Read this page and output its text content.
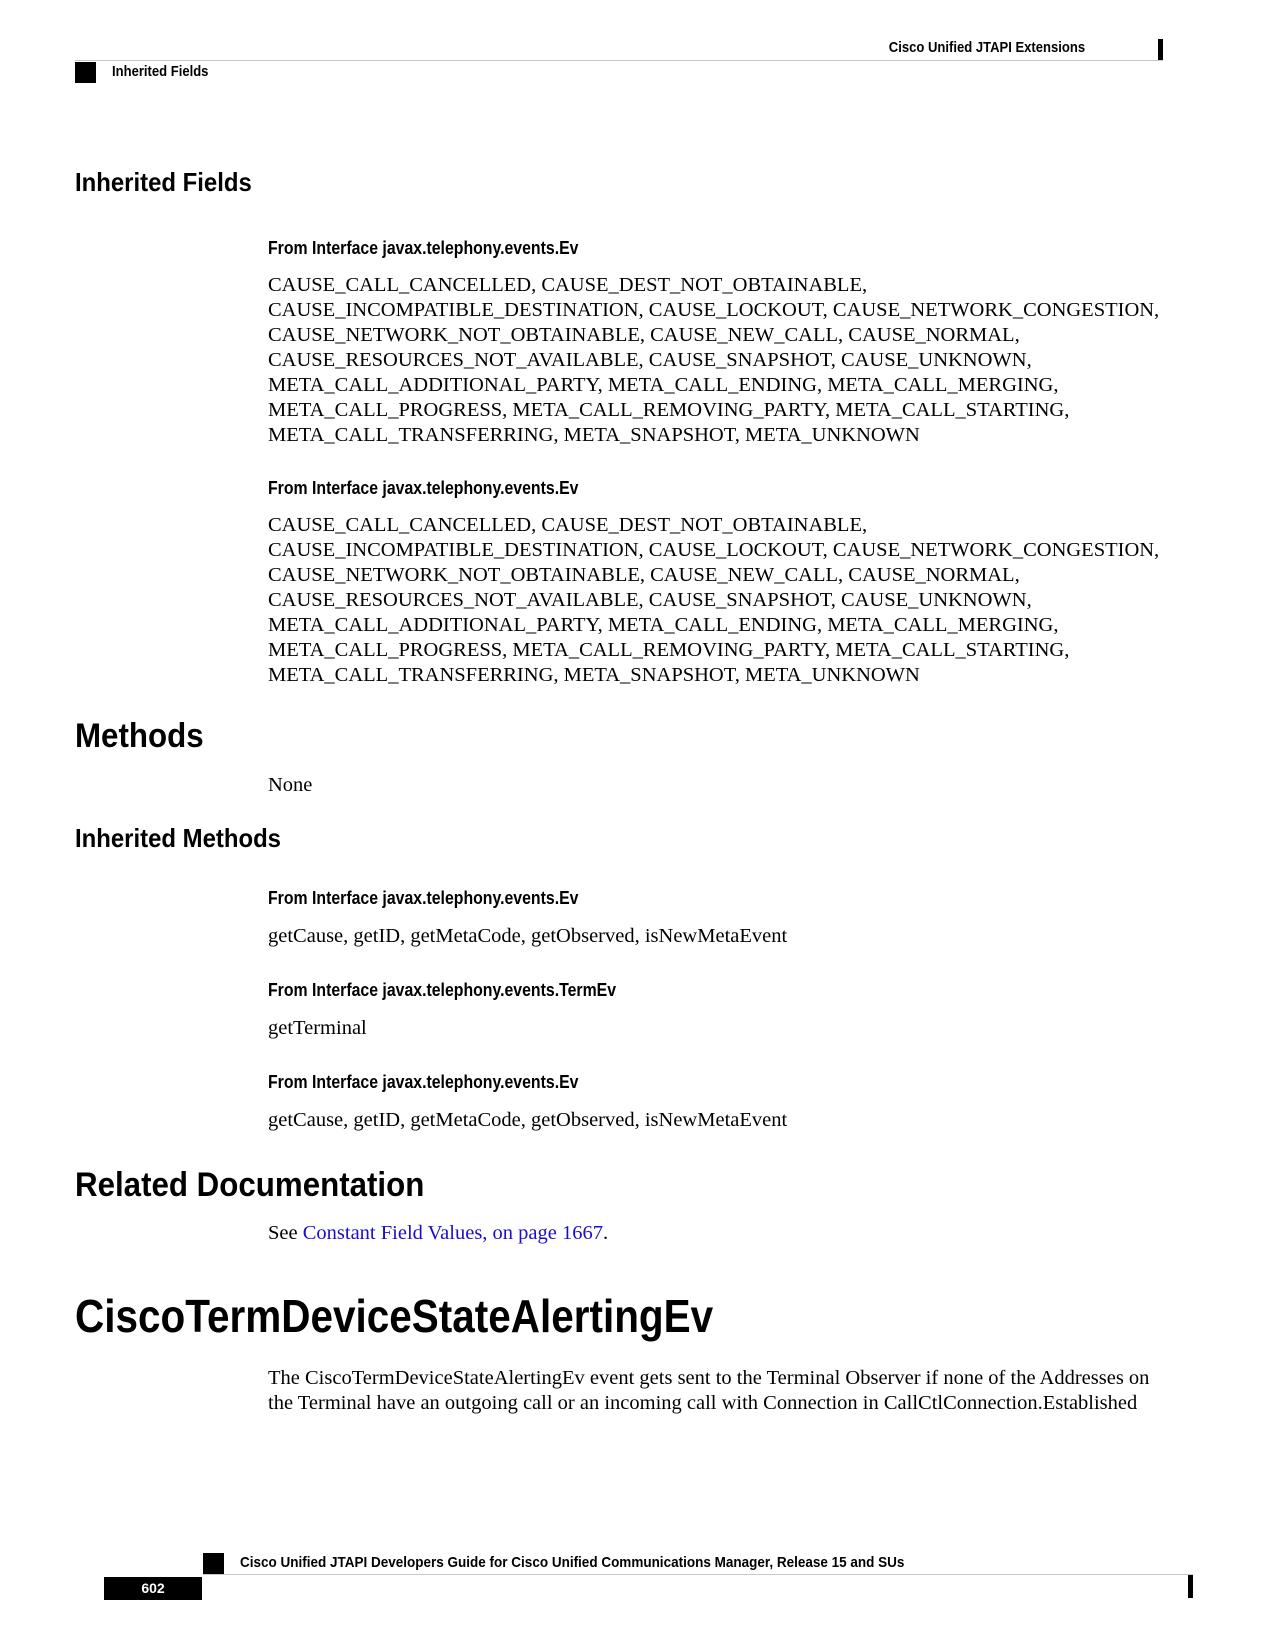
Cisco Unified JTAPI Extensions
Inherited Fields
Inherited Fields
From Interface javax.telephony.events.Ev

CAUSE_CALL_CANCELLED, CAUSE_DEST_NOT_OBTAINABLE, CAUSE_INCOMPATIBLE_DESTINATION, CAUSE_LOCKOUT, CAUSE_NETWORK_CONGESTION, CAUSE_NETWORK_NOT_OBTAINABLE, CAUSE_NEW_CALL, CAUSE_NORMAL, CAUSE_RESOURCES_NOT_AVAILABLE, CAUSE_SNAPSHOT, CAUSE_UNKNOWN, META_CALL_ADDITIONAL_PARTY, META_CALL_ENDING, META_CALL_MERGING, META_CALL_PROGRESS, META_CALL_REMOVING_PARTY, META_CALL_STARTING, META_CALL_TRANSFERRING, META_SNAPSHOT, META_UNKNOWN

From Interface javax.telephony.events.Ev

CAUSE_CALL_CANCELLED, CAUSE_DEST_NOT_OBTAINABLE, CAUSE_INCOMPATIBLE_DESTINATION, CAUSE_LOCKOUT, CAUSE_NETWORK_CONGESTION, CAUSE_NETWORK_NOT_OBTAINABLE, CAUSE_NEW_CALL, CAUSE_NORMAL, CAUSE_RESOURCES_NOT_AVAILABLE, CAUSE_SNAPSHOT, CAUSE_UNKNOWN, META_CALL_ADDITIONAL_PARTY, META_CALL_ENDING, META_CALL_MERGING, META_CALL_PROGRESS, META_CALL_REMOVING_PARTY, META_CALL_STARTING, META_CALL_TRANSFERRING, META_SNAPSHOT, META_UNKNOWN

Methods

None

Inherited Methods
From Interface javax.telephony.events.Ev

getCause, getID, getMetaCode, getObserved, isNewMetaEvent

From Interface javax.telephony.events.TermEv

getTerminal

From Interface javax.telephony.events.Ev

getCause, getID, getMetaCode, getObserved, isNewMetaEvent

Related Documentation

See Constant Field Values, on page 1667.

CiscoTermDeviceStateAlertingEv

The CiscoTermDeviceStateAlertingEv event gets sent to the Terminal Observer if none of the Addresses on the Terminal have an outgoing call or an incoming call with Connection in CallCtlConnection.Established

Cisco Unified JTAPI Developers Guide for Cisco Unified Communications Manager, Release 15 and SUs
602
